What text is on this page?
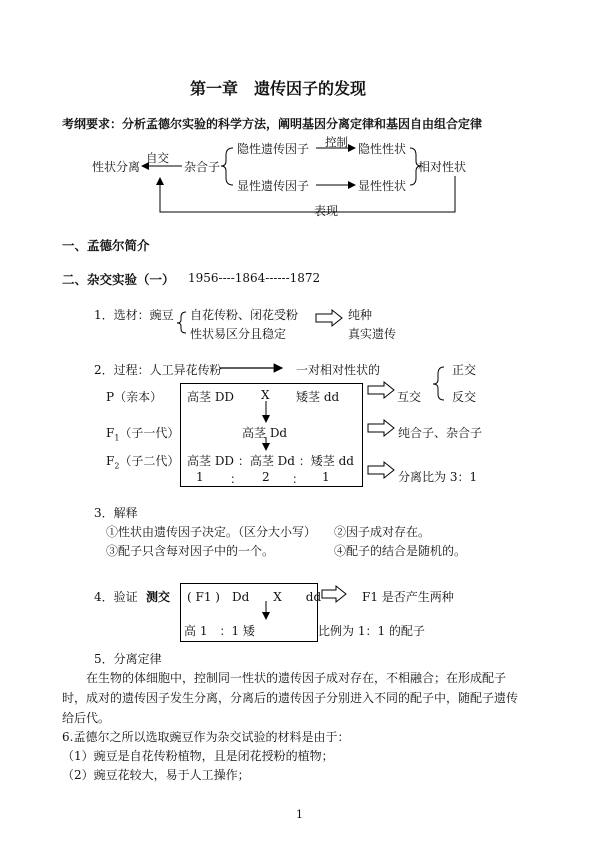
第一章　遗传因子的发现
考纲要求：分析孟德尔实验的科学方法，阐明基因分离定律和基因自由组合定律
性状分离
自交
杂合子
隐性遗传因子 控制 隐性性状
显性遗传因子	显性性状
相对性状
表现
一、孟德尔简介
二、杂交实验（一） 1956----1864------1872
1．选材：豌豆 自花传粉、闭花受粉
性状易区分且稳定
纯种
真实遗传
2．过程：人工异花传粉	一对相对性状的	正交
反交
互交
P（亲本）
$F_1$（子一代）
$F_2$（子二代）
高茎 DD X 矮茎 dd
高茎 Dd
高茎 DD ：高茎 Dd ：矮茎 dd
1 ： 2 ： 1
纯合子、杂合子
分离比为 3：1
3．解释
①性状由遗传因子决定。（区分大小写） ②因子成对存在。
③配子只含每对因子中的一个。	④配子的结合是随机的。
4．验证 测交 ( F1 )　Dd　　X　　dd
高 1　：1 矮
F1 是否产生两种
比例为 1：1 的配子
5．分离定律
在生物的体细胞中，控制同一性状的遗传因子成对存在，不相融合；在形成配子
时，成对的遗传因子发生分离，分离后的遗传因子分别进入不同的配子中，随配子遗传
给后代。
6.孟德尔之所以选取豌豆作为杂交试验的材料是由于：
（1）豌豆是自花传粉植物，且是闭花授粉的植物；
（2）豌豆花较大，易于人工操作；
1
